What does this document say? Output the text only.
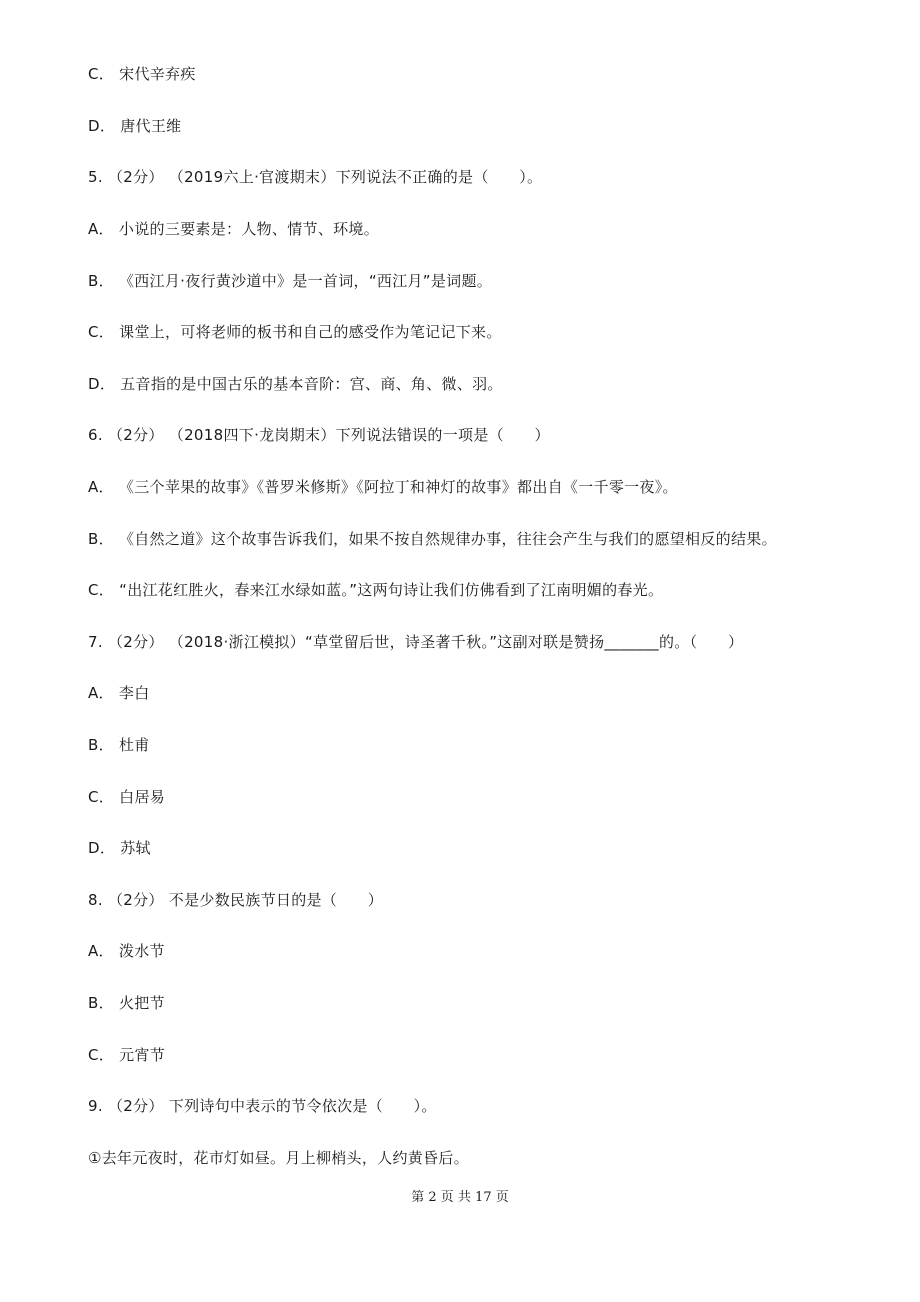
C． 宋代辛弃疾
D． 唐代王维
5. （2分） （2019六上·官渡期末）下列说法不正确的是（　　）。
A． 小说的三要素是：人物、情节、环境。
B． 《西江月·夜行黄沙道中》是一首词，“西江月”是词题。
C． 课堂上，可将老师的板书和自己的感受作为笔记记下来。
D． 五音指的是中国古乐的基本音阶：宫、商、角、微、羽。
6. （2分） （2018四下·龙岗期末）下列说法错误的一项是（　　）
A． 《三个苹果的故事》《普罗米修斯》《阿拉丁和神灯的故事》都出自《一千零一夜》。
B． 《自然之道》这个故事告诉我们，如果不按自然规律办事，往往会产生与我们的愿望相反的结果。
C． “出江花红胜火，春来江水绿如蓝。”这两句诗让我们仿佛看到了江南明媚的春光。
7. （2分） （2018·浙江模拟）“草堂留后世，诗圣著千秋。”这副对联是赞扬_______的。（　　）
A． 李白
B． 杜甫
C． 白居易
D． 苏轼
8. （2分） 不是少数民族节日的是（　　）
A． 泼水节
B． 火把节
C． 元宵节
9. （2分） 下列诗句中表示的节令依次是（　　）。
①去年元夜时，花市灯如昼。月上柳梢头，人约黄昏后。
第 2 页 共 17 页
